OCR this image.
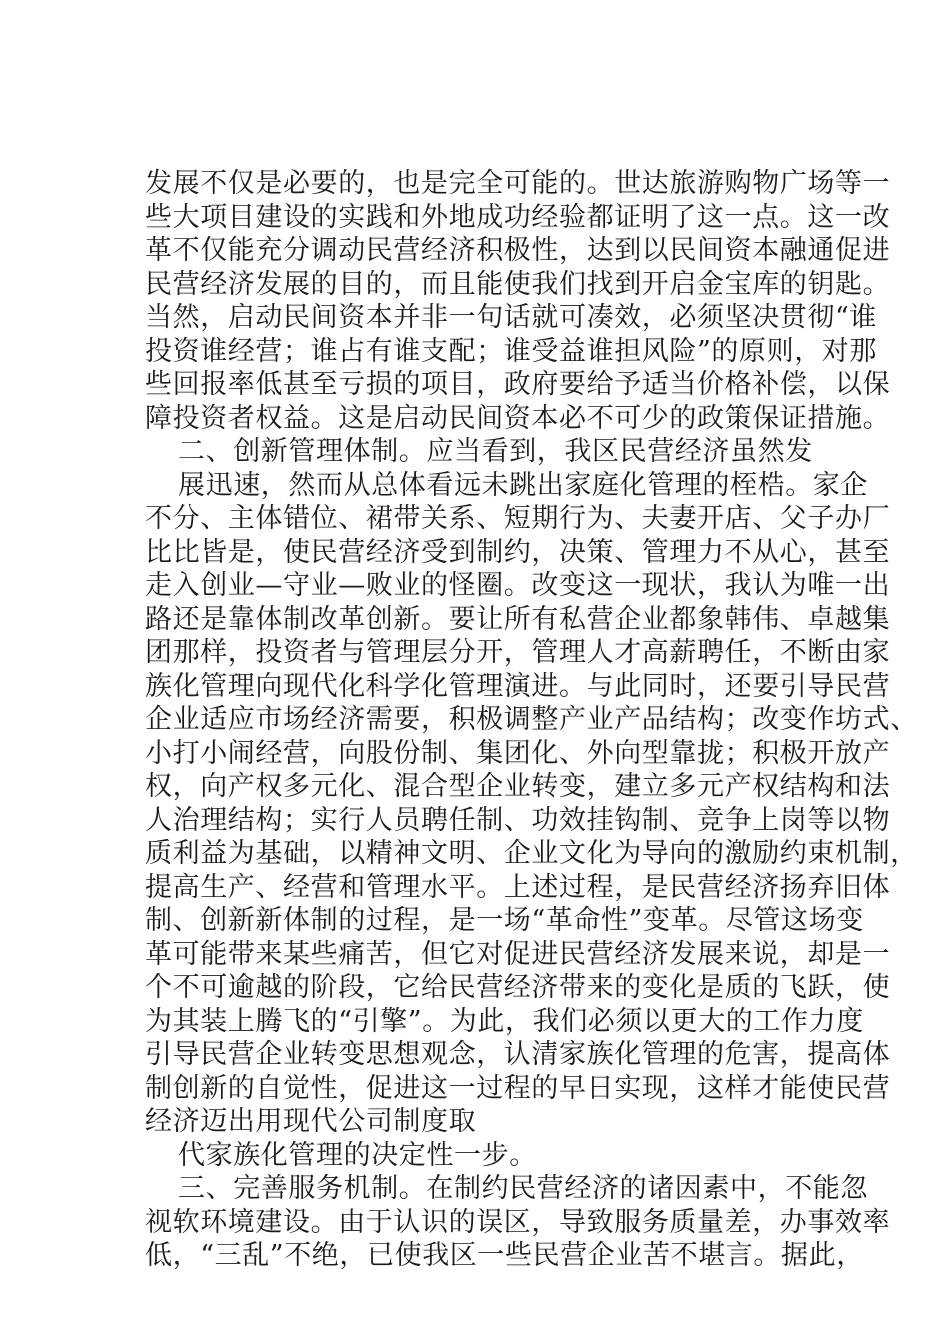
发展不仅是必要的，也是完全可能的。世达旅游购物广场等一
些大项目建设的实践和外地成功经验都证明了这一点。这一改
革不仅能充分调动民营经济积极性，达到以民间资本融通促进
民营经济发展的目的，而且能使我们找到开启金宝库的钥匙。
当然，启动民间资本并非一句话就可凑效，必须坚决贯彻“谁
投资谁经营；谁占有谁支配；谁受益谁担风险”的原则，对那
些回报率低甚至亏损的项目，政府要给予适当价格补偿，以保
障投资者权益。这是启动民间资本必不可少的政策保证措施。
二、创新管理体制。应当看到，我区民营经济虽然发
展迅速，然而从总体看远未跳出家庭化管理的桎梏。家企
不分、主体错位、裙带关系、短期行为、夫妻开店、父子办厂
比比皆是，使民营经济受到制约，决策、管理力不从心，甚至
走入创业—守业—败业的怪圈。改变这一现状，我认为唯一出
路还是靠体制改革创新。要让所有私营企业都象韩伟、卓越集
团那样，投资者与管理层分开，管理人才高薪聘任，不断由家
族化管理向现代化科学化管理演进。与此同时，还要引导民营
企业适应市场经济需要，积极调整产业产品结构；改变作坊式、
小打小闹经营，向股份制、集团化、外向型靠拢；积极开放产
权，向产权多元化、混合型企业转变，建立多元产权结构和法
人治理结构；实行人员聘任制、功效挂钩制、竞争上岗等以物
质利益为基础，以精神文明、企业文化为导向的激励约束机制，
提高生产、经营和管理水平。上述过程，是民营经济扬弃旧体
制、创新新体制的过程，是一场“革命性”变革。尽管这场变
革可能带来某些痛苦，但它对促进民营经济发展来说，却是一
个不可逾越的阶段，它给民营经济带来的变化是质的飞跃，使
为其装上腾飞的“引擎”。为此，我们必须以更大的工作力度
引导民营企业转变思想观念，认清家族化管理的危害，提高体
制创新的自觉性，促进这一过程的早日实现，这样才能使民营
经济迈出用现代公司制度取
代家族化管理的决定性一步。
三、完善服务机制。在制约民营经济的诸因素中，不能忽
视软环境建设。由于认识的误区，导致服务质量差，办事效率
低，“三乱”不绝，已使我区一些民营企业苦不堪言。据此，
